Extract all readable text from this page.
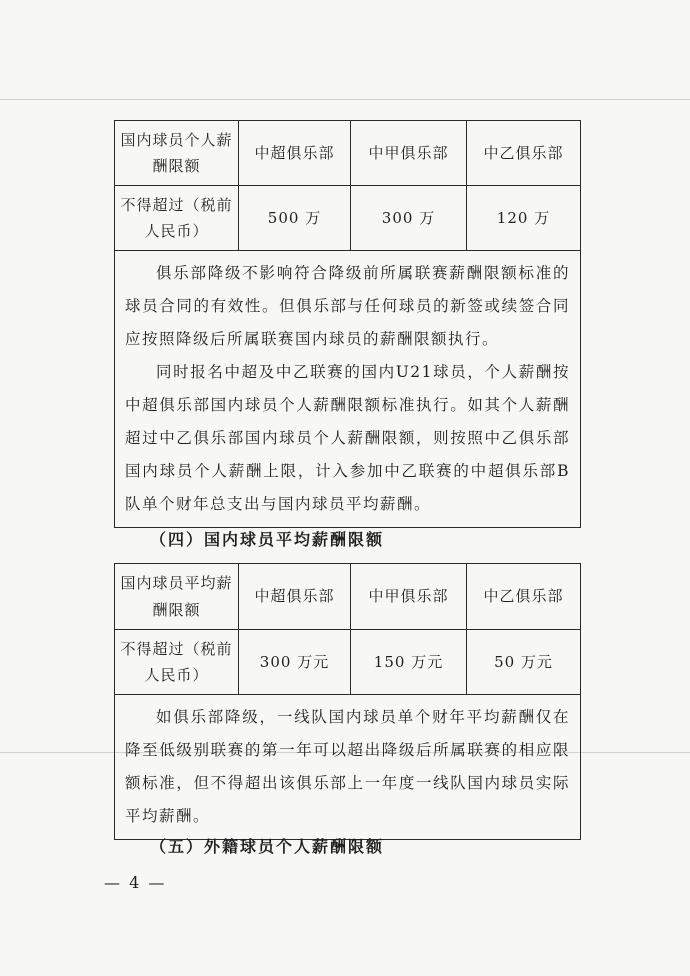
国内球员个人薪酬限额	中超俱乐部	中甲俱乐部	中乙俱乐部
不得超过（税前人民币）	500 万	300 万	120 万

俱乐部降级不影响符合降级前所属联赛薪酬限额标准的球员合同的有效性。但俱乐部与任何球员的新签或续签合同应按照降级后所属联赛国内球员的薪酬限额执行。

同时报名中超及中乙联赛的国内U21球员，个人薪酬按中超俱乐部国内球员个人薪酬限额标准执行。如其个人薪酬超过中乙俱乐部国内球员个人薪酬限额，则按照中乙俱乐部国内球员个人薪酬上限，计入参加中乙联赛的中超俱乐部B队单个财年总支出与国内球员平均薪酬。			

（四）国内球员平均薪酬限额
国内球员平均薪酬限额	中超俱乐部	中甲俱乐部	中乙俱乐部
不得超过（税前人民币）	300 万元	150 万元	50 万元

如俱乐部降级，一线队国内球员单个财年平均薪酬仅在降至低级别联赛的第一年可以超出降级后所属联赛的相应限额标准，但不得超出该俱乐部上一年度一线队国内球员实际平均薪酬。			

（五）外籍球员个人薪酬限额
— 4 —
